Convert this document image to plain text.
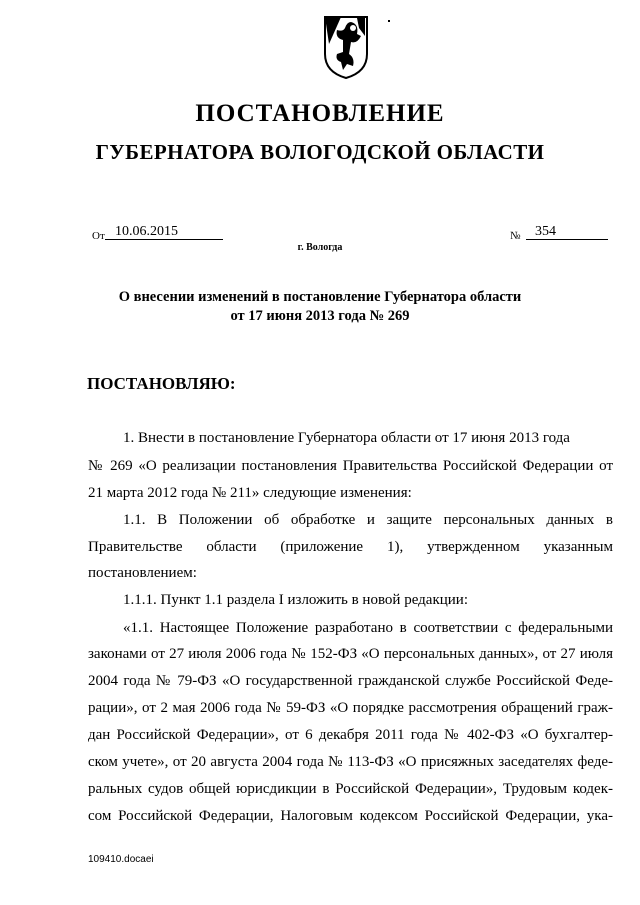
ПОСТАНОВЛЕНИЕ
ГУБЕРНАТОРА ВОЛОГОДСКОЙ ОБЛАСТИ
От 10.06.2015	№	354
г. Вологда
О внесении изменений в постановление Губернатора области
от 17 июня 2013 года № 269
ПОСТАНОВЛЯЮ:
1. Внести в постановление Губернатора области от 17 июня 2013 года
№ 269 «О реализации постановления Правительства Российской Федерации от
21 марта 2012 года № 211» следующие изменения:
1.1. В Положении об обработке и защите персональных данных в
Правительстве области (приложение 1), утвержденном указанным
постановлением:
1.1.1. Пункт 1.1 раздела I изложить в новой редакции:
«1.1. Настоящее Положение разработано в соответствии с федеральными
законами от 27 июля 2006 года № 152-ФЗ «О персональных данных», от 27 июля
2004 года № 79-ФЗ «О государственной гражданской службе Российской Феде-
рации», от 2 мая 2006 года № 59-ФЗ «О порядке рассмотрения обращений граж-
дан Российской Федерации», от 6 декабря 2011 года № 402-ФЗ «О бухгалтер-
ском учете», от 20 августа 2004 года № 113-ФЗ «О присяжных заседателях феде-
ральных судов общей юрисдикции в Российской Федерации», Трудовым кодек-
сом Российской Федерации, Налоговым кодексом Российской Федерации, ука-
109410.docaei
